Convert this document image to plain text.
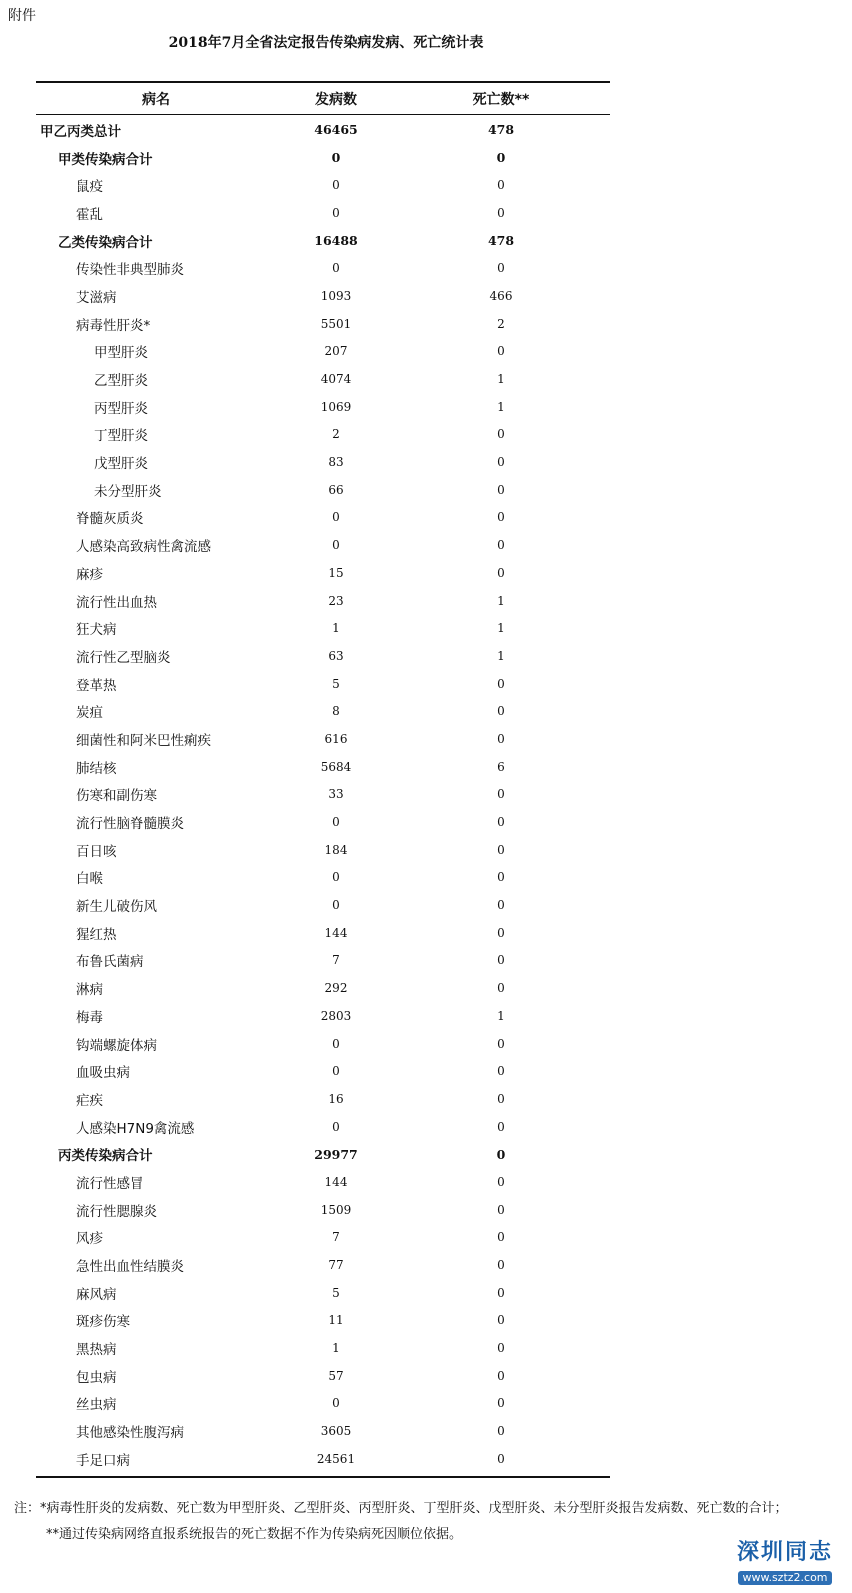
附件
2018年7月全省法定报告传染病发病、死亡统计表
病名	发病数	死亡数**
甲乙丙类总计	46465	478
甲类传染病合计	0	0
鼠疫	0	0
霍乱	0	0
乙类传染病合计	16488	478
传染性非典型肺炎	0	0
艾滋病	1093	466
病毒性肝炎*	5501	2
甲型肝炎	207	0
乙型肝炎	4074	1
丙型肝炎	1069	1
丁型肝炎	2	0
戊型肝炎	83	0
未分型肝炎	66	0
脊髓灰质炎	0	0
人感染高致病性禽流感	0	0
麻疹	15	0
流行性出血热	23	1
狂犬病	1	1
流行性乙型脑炎	63	1
登革热	5	0
炭疽	8	0
细菌性和阿米巴性痢疾	616	0
肺结核	5684	6
伤寒和副伤寒	33	0
流行性脑脊髓膜炎	0	0
百日咳	184	0
白喉	0	0
新生儿破伤风	0	0
猩红热	144	0
布鲁氏菌病	7	0
淋病	292	0
梅毒	2803	1
钩端螺旋体病	0	0
血吸虫病	0	0
疟疾	16	0
人感染H7N9禽流感	0	0
丙类传染病合计	29977	0
流行性感冒	144	0
流行性腮腺炎	1509	0
风疹	7	0
急性出血性结膜炎	77	0
麻风病	5	0
斑疹伤寒	11	0
黑热病	1	0
包虫病	57	0
丝虫病	0	0
其他感染性腹泻病	3605	0
手足口病	24561	0
注：*病毒性肝炎的发病数、死亡数为甲型肝炎、乙型肝炎、丙型肝炎、丁型肝炎、戊型肝炎、未分型肝炎报告发病数、死亡数的合计；
**通过传染病网络直报系统报告的死亡数据不作为传染病死因顺位依据。
深圳同志
www.sztz2.com
